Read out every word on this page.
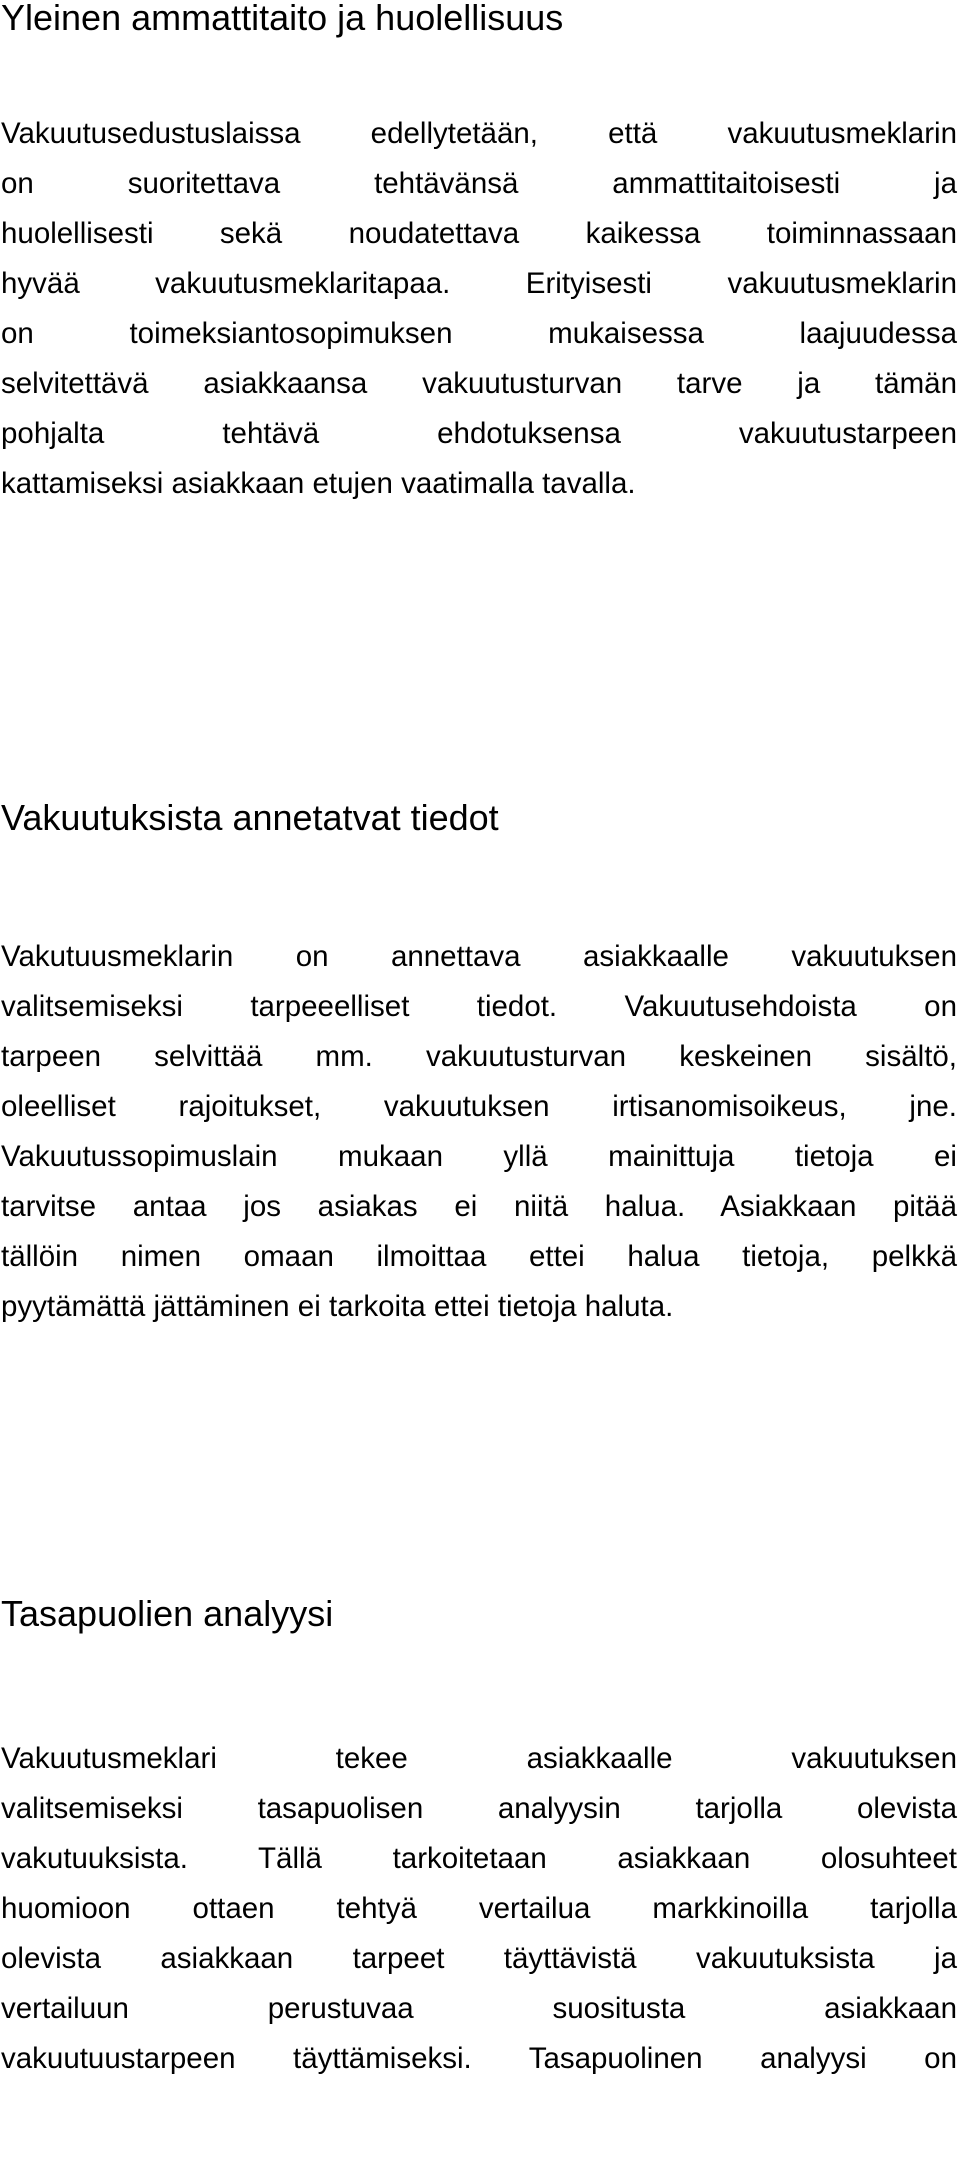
Yleinen ammattitaito ja huolellisuus
Vakuutusedustuslaissa edellytetään, että vakuutusmeklarin
on suoritettava tehtävänsä ammattitaitoisesti ja
huolellisesti sekä noudatettava kaikessa toiminnassaan
hyvää vakuutusmeklaritapaa. Erityisesti vakuutusmeklarin
on toimeksiantosopimuksen mukaisessa laajuudessa
selvitettävä asiakkaansa vakuutusturvan tarve ja tämän
pohjalta tehtävä ehdotuksensa vakuutustarpeen
kattamiseksi asiakkaan etujen vaatimalla tavalla.
Vakuutuksista annetatvat tiedot
Vakutuusmeklarin on annettava asiakkaalle vakuutuksen
valitsemiseksi tarpeeelliset tiedot. Vakuutusehdoista on
tarpeen selvittää mm. vakuutusturvan keskeinen sisältö,
oleelliset rajoitukset, vakuutuksen irtisanomisoikeus, jne.
Vakuutussopimuslain mukaan yllä mainittuja tietoja ei
tarvitse antaa jos asiakas ei niitä halua. Asiakkaan pitää
tällöin nimen omaan ilmoittaa ettei halua tietoja, pelkkä
pyytämättä jättäminen ei tarkoita ettei tietoja haluta.
Tasapuolien analyysi
Vakuutusmeklari tekee asiakkaalle vakuutuksen
valitsemiseksi tasapuolisen analyysin tarjolla olevista
vakutuuksista. Tällä tarkoitetaan asiakkaan olosuhteet
huomioon ottaen tehtyä vertailua markkinoilla tarjolla
olevista asiakkaan tarpeet täyttävistä vakuutuksista ja
vertailuun perustuvaa suositusta asiakkaan
vakuutuustarpeen täyttämiseksi. Tasapuolinen analyysi on
